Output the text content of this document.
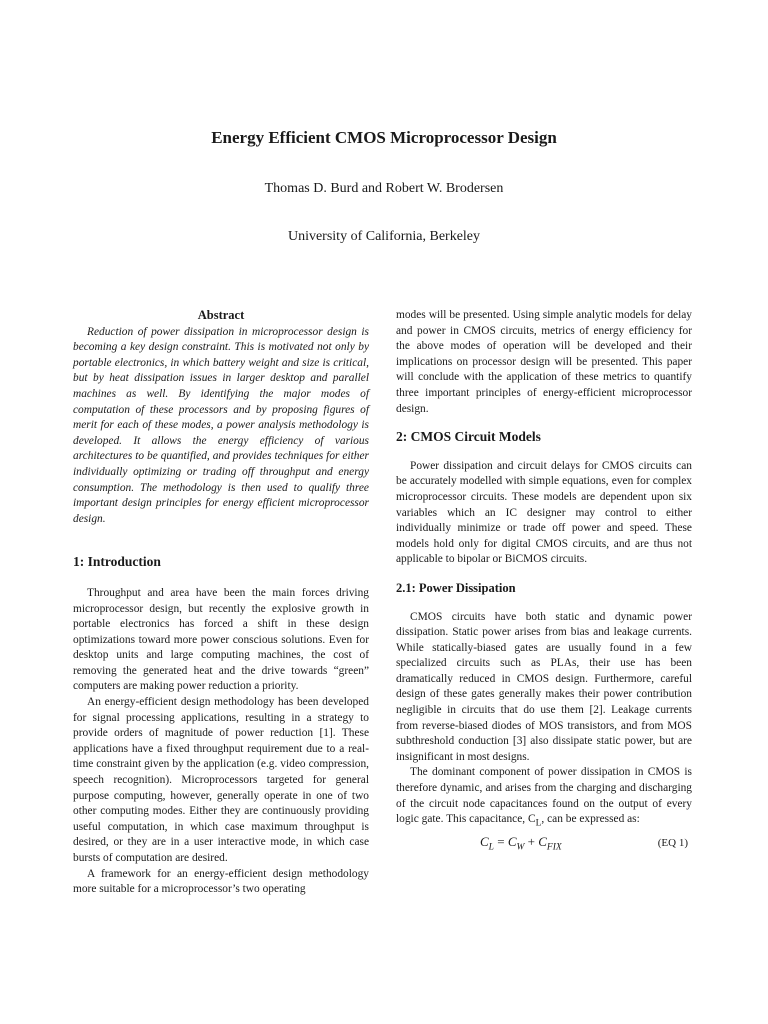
Energy Efficient CMOS Microprocessor Design
Thomas D. Burd and Robert W. Brodersen
University of California, Berkeley
Abstract

Reduction of power dissipation in microprocessor design is becoming a key design constraint. This is motivated not only by portable electronics, in which battery weight and size is critical, but by heat dissipation issues in larger desktop and parallel machines as well. By identifying the major modes of computation of these processors and by proposing figures of merit for each of these modes, a power analysis methodology is developed. It allows the energy efficiency of various architectures to be quantified, and provides techniques for either individually optimizing or trading off throughput and energy consumption. The methodology is then used to qualify three important design principles for energy efficient microprocessor design.

1: Introduction

Throughput and area have been the main forces driving microprocessor design, but recently the explosive growth in portable electronics has forced a shift in these design optimizations toward more power conscious solutions. Even for desktop units and large computing machines, the cost of removing the generated heat and the drive towards “green” computers are making power reduction a priority.

An energy-efficient design methodology has been developed for signal processing applications, resulting in a strategy to provide orders of magnitude of power reduction [1]. These applications have a fixed throughput requirement due to a real-time constraint given by the application (e.g. video compression, speech recognition). Microprocessors targeted for general purpose computing, however, generally operate in one of two other computing modes. Either they are continuously providing useful computation, in which case maximum throughput is desired, or they are in a user interactive mode, in which case bursts of computation are desired.

A framework for an energy-efficient design methodology more suitable for a microprocessor’s two operating

modes will be presented. Using simple analytic models for delay and power in CMOS circuits, metrics of energy efficiency for the above modes of operation will be developed and their implications on processor design will be presented. This paper will conclude with the application of these metrics to quantify three important principles of energy-efficient microprocessor design.

2: CMOS Circuit Models

Power dissipation and circuit delays for CMOS circuits can be accurately modelled with simple equations, even for complex microprocessor circuits. These models are dependent upon six variables which an IC designer may control to either individually minimize or trade off power and speed. These models hold only for digital CMOS circuits, and are thus not applicable to bipolar or BiCMOS circuits.

2.1: Power Dissipation

CMOS circuits have both static and dynamic power dissipation. Static power arises from bias and leakage currents. While statically-biased gates are usually found in a few specialized circuits such as PLAs, their use has been dramatically reduced in CMOS design. Furthermore, careful design of these gates generally makes their power contribution negligible in circuits that do use them [2]. Leakage currents from reverse-biased diodes of MOS transistors, and from MOS subthreshold conduction [3] also dissipate static power, but are insignificant in most designs.

The dominant component of power dissipation in CMOS is therefore dynamic, and arises from the charging and discharging of the circuit node capacitances found on the output of every logic gate. This capacitance, $C_L$, can be expressed as:

$C_L = C_W + C_{FIX}$	(EQ 1)
